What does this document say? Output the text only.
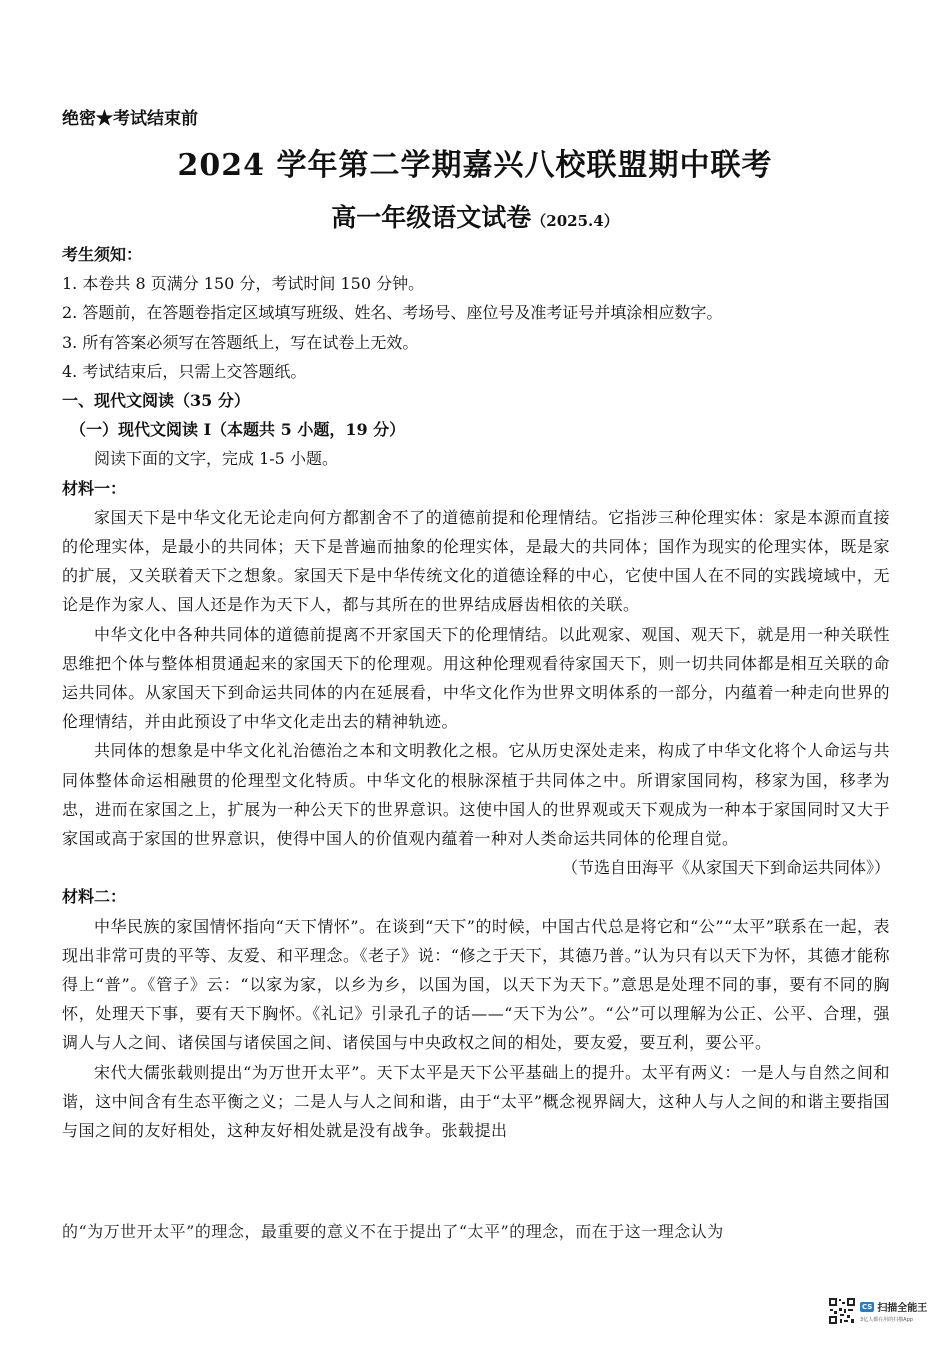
绝密★考试结束前
2024 学年第二学期嘉兴八校联盟期中联考
高一年级语文试卷（2025.4）
考生须知：
1. 本卷共 8 页满分 150 分，考试时间 150 分钟。
2. 答题前，在答题卷指定区域填写班级、姓名、考场号、座位号及准考证号并填涂相应数字。
3. 所有答案必须写在答题纸上，写在试卷上无效。
4. 考试结束后，只需上交答题纸。
一、现代文阅读（35 分）
（一）现代文阅读 I（本题共 5 小题，19 分）
阅读下面的文字，完成 1-5 小题。
材料一：
家国天下是中华文化无论走向何方都割舍不了的道德前提和伦理情结。它指涉三种伦理实体：家是本源而直接的伦理实体，是最小的共同体；天下是普遍而抽象的伦理实体，是最大的共同体；国作为现实的伦理实体，既是家的扩展，又关联着天下之想象。家国天下是中华传统文化的道德诠释的中心，它使中国人在不同的实践境域中，无论是作为家人、国人还是作为天下人，都与其所在的世界结成唇齿相依的关联。
中华文化中各种共同体的道德前提离不开家国天下的伦理情结。以此观家、观国、观天下，就是用一种关联性思维把个体与整体相贯通起来的家国天下的伦理观。用这种伦理观看待家国天下，则一切共同体都是相互关联的命运共同体。从家国天下到命运共同体的内在延展看，中华文化作为世界文明体系的一部分，内蕴着一种走向世界的伦理情结，并由此预设了中华文化走出去的精神轨迹。
共同体的想象是中华文化礼治德治之本和文明教化之根。它从历史深处走来，构成了中华文化将个人命运与共同体整体命运相融贯的伦理型文化特质。中华文化的根脉深植于共同体之中。所谓家国同构，移家为国，移孝为忠，进而在家国之上，扩展为一种公天下的世界意识。这使中国人的世界观或天下观成为一种本于家国同时又大于家国或高于家国的世界意识，使得中国人的价值观内蕴着一种对人类命运共同体的伦理自觉。
（节选自田海平《从家国天下到命运共同体》）
材料二：
中华民族的家国情怀指向“天下情怀”。在谈到“天下”的时候，中国古代总是将它和“公”“太平”联系在一起，表现出非常可贵的平等、友爱、和平理念。《老子》说：“修之于天下，其德乃普。”认为只有以天下为怀，其德才能称得上“普”。《管子》云：“以家为家，以乡为乡，以国为国，以天下为天下。”意思是处理不同的事，要有不同的胸怀，处理天下事，要有天下胸怀。《礼记》引录孔子的话——“天下为公”。“公”可以理解为公正、公平、合理，强调人与人之间、诸侯国与诸侯国之间、诸侯国与中央政权之间的相处，要友爱，要互利，要公平。
宋代大儒张载则提出“为万世开太平”。天下太平是天下公平基础上的提升。太平有两义：一是人与自然之间和谐，这中间含有生态平衡之义；二是人与人之间和谐，由于“太平”概念视界阔大，这种人与人之间的和谐主要指国与国之间的友好相处，这种友好相处就是没有战争。张载提出
的“为万世开太平”的理念，最重要的意义不在于提出了“太平”的理念，而在于这一理念认为
CS 扫描全能王
3亿人都在用的扫描App
